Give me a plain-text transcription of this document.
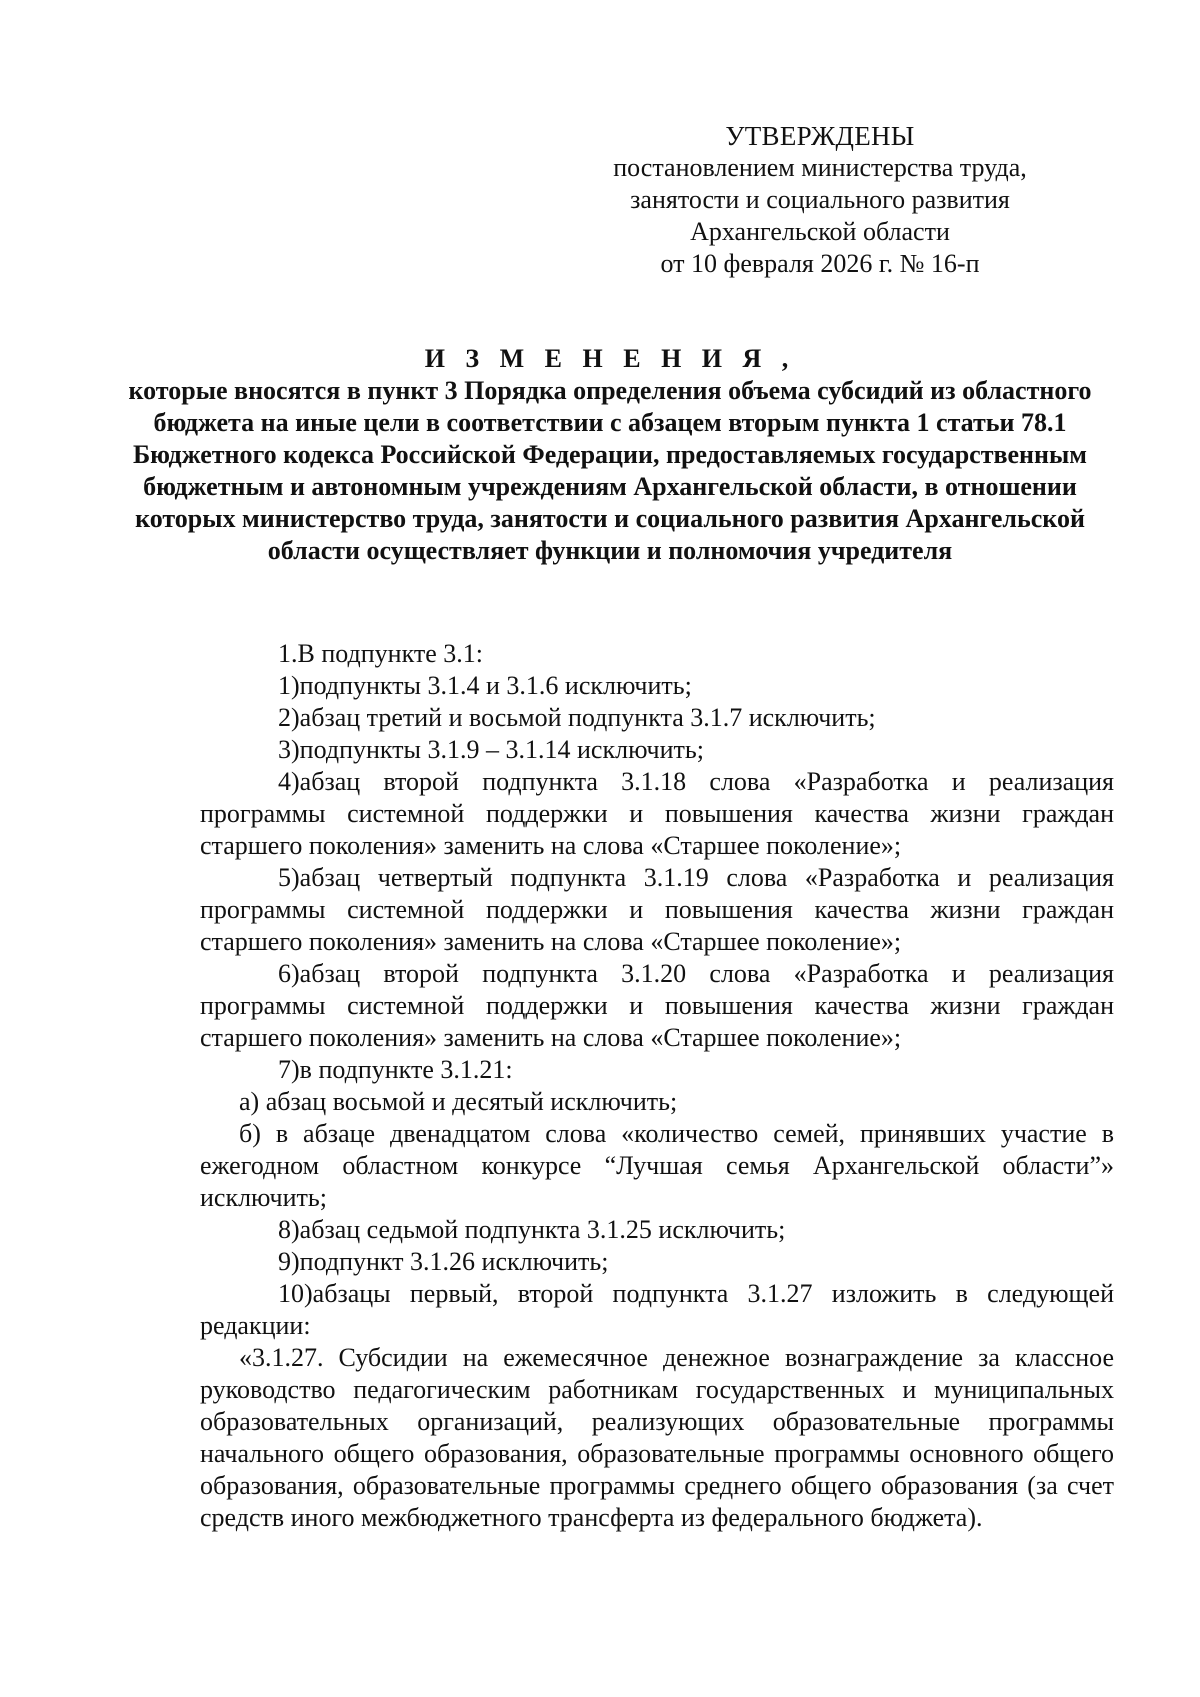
УТВЕРЖДЕНЫ
постановлением министерства труда,
занятости и социального развития
Архангельской области
от 10 февраля 2026 г. № 16-п
И З М Е Н Е Н И Я ,
которые вносятся в пункт 3 Порядка определения объема субсидий из областного бюджета на иные цели в соответствии с абзацем вторым пункта 1 статьи 78.1 Бюджетного кодекса Российской Федерации, предоставляемых государственным бюджетным и автономным учреждениям Архангельской области, в отношении которых министерство труда, занятости и социального развития Архангельской области осуществляет функции и полномочия учредителя

1.В подпункте 3.1:

1)подпункты 3.1.4 и 3.1.6 исключить;

2)абзац третий и восьмой подпункта 3.1.7 исключить;

3)подпункты 3.1.9 – 3.1.14 исключить;

4)абзац второй подпункта 3.1.18 слова «Разработка и реализация программы системной поддержки и повышения качества жизни граждан старшего поколения» заменить на слова «Старшее поколение»;

5)абзац четвертый подпункта 3.1.19 слова «Разработка и реализация программы системной поддержки и повышения качества жизни граждан старшего поколения» заменить на слова «Старшее поколение»;

6)абзац второй подпункта 3.1.20 слова «Разработка и реализация программы системной поддержки и повышения качества жизни граждан старшего поколения» заменить на слова «Старшее поколение»;

7)в подпункте 3.1.21:

а) абзац восьмой и десятый исключить;

б) в абзаце двенадцатом слова «количество семей, принявших участие в ежегодном областном конкурсе “Лучшая семья Архангельской области”» исключить;

8)абзац седьмой подпункта 3.1.25 исключить;

9)подпункт 3.1.26 исключить;

10)абзацы первый, второй подпункта 3.1.27 изложить в следующей редакции:

«3.1.27. Субсидии на ежемесячное денежное вознаграждение за классное руководство педагогическим работникам государственных и муниципальных образовательных организаций, реализующих образовательные программы начального общего образования, образовательные программы основного общего образования, образовательные программы среднего общего образования (за счет средств иного межбюджетного трансферта из федерального бюджета).
